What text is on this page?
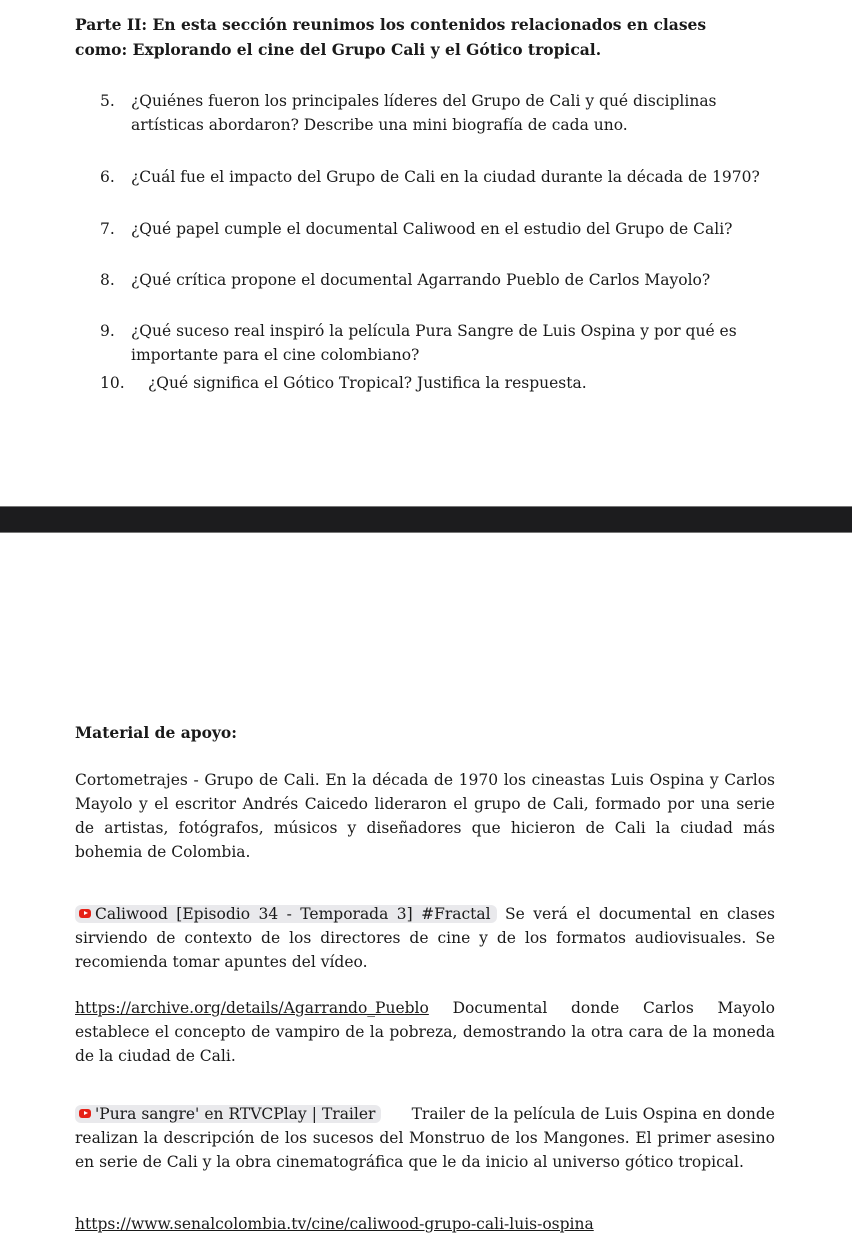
Parte II: En esta sección reunimos los contenidos relacionados en clases como: Explorando el cine del Grupo Cali y el Gótico tropical.
5. ¿Quiénes fueron los principales líderes del Grupo de Cali y qué disciplinas artísticas abordaron? Describe una mini biografía de cada uno.
6. ¿Cuál fue el impacto del Grupo de Cali en la ciudad durante la década de 1970?
7. ¿Qué papel cumple el documental Caliwood en el estudio del Grupo de Cali?
8. ¿Qué crítica propone el documental Agarrando Pueblo de Carlos Mayolo?
9. ¿Qué suceso real inspiró la película Pura Sangre de Luis Ospina y por qué es importante para el cine colombiano?
10. ¿Qué significa el Gótico Tropical? Justifica la respuesta.
Material de apoyo:

Cortometrajes - Grupo de Cali. En la década de 1970 los cineastas Luis Ospina y Carlos Mayolo y el escritor Andrés Caicedo lideraron el grupo de Cali, formado por una serie de artistas, fotógrafos, músicos y diseñadores que hicieron de Cali la ciudad más bohemia de Colombia.

Caliwood [Episodio 34 - Temporada 3] #Fractal Se verá el documental en clases sirviendo de contexto de los directores de cine y de los formatos audiovisuales. Se recomienda tomar apuntes del vídeo.

https://archive.org/details/Agarrando_Pueblo Documental donde Carlos Mayolo establece el concepto de vampiro de la pobreza, demostrando la otra cara de la moneda de la ciudad de Cali.

'Pura sangre' en RTVCPlay | Trailer Trailer de la película de Luis Ospina en donde realizan la descripción de los sucesos del Monstruo de los Mangones. El primer asesino en serie de Cali y la obra cinematográfica que le da inicio al universo gótico tropical.

https://www.senalcolombia.tv/cine/caliwood-grupo-cali-luis-ospina
